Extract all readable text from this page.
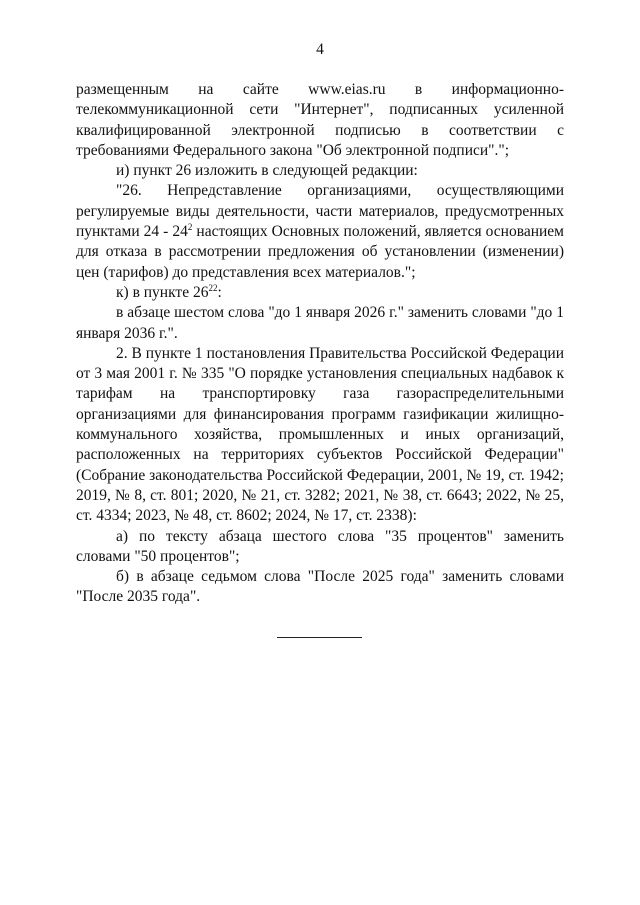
4

размещенным на сайте www.eias.ru в информационно-телекоммуникационной сети "Интернет", подписанных усиленной квалифицированной электронной подписью в соответствии с требованиями Федерального закона "Об электронной подписи".";

и) пункт 26 изложить в следующей редакции:

"26. Непредставление организациями, осуществляющими регулируемые виды деятельности, части материалов, предусмотренных пунктами $24 - 24^2$ настоящих Основных положений, является основанием для отказа в рассмотрении предложения об установлении (изменении) цен (тарифов) до представления всех материалов.";

к) в пункте $26^{22}$:

в абзаце шестом слова "до 1 января 2026 г." заменить словами "до 1 января 2036 г.".

2. В пункте 1 постановления Правительства Российской Федерации от 3 мая 2001 г. № 335 "О порядке установления специальных надбавок к тарифам на транспортировку газа газораспределительными организациями для финансирования программ газификации жилищно-коммунального хозяйства, промышленных и иных организаций, расположенных на территориях субъектов Российской Федерации" (Собрание законодательства Российской Федерации, 2001, № 19, ст. 1942; 2019, № 8, ст. 801; 2020, № 21, ст. 3282; 2021, № 38, ст. 6643; 2022, № 25, ст. 4334; 2023, № 48, ст. 8602; 2024, № 17, ст. 2338):

а) по тексту абзаца шестого слова "35 процентов" заменить словами "50 процентов";

б) в абзаце седьмом слова "После 2025 года" заменить словами "После 2035 года".
